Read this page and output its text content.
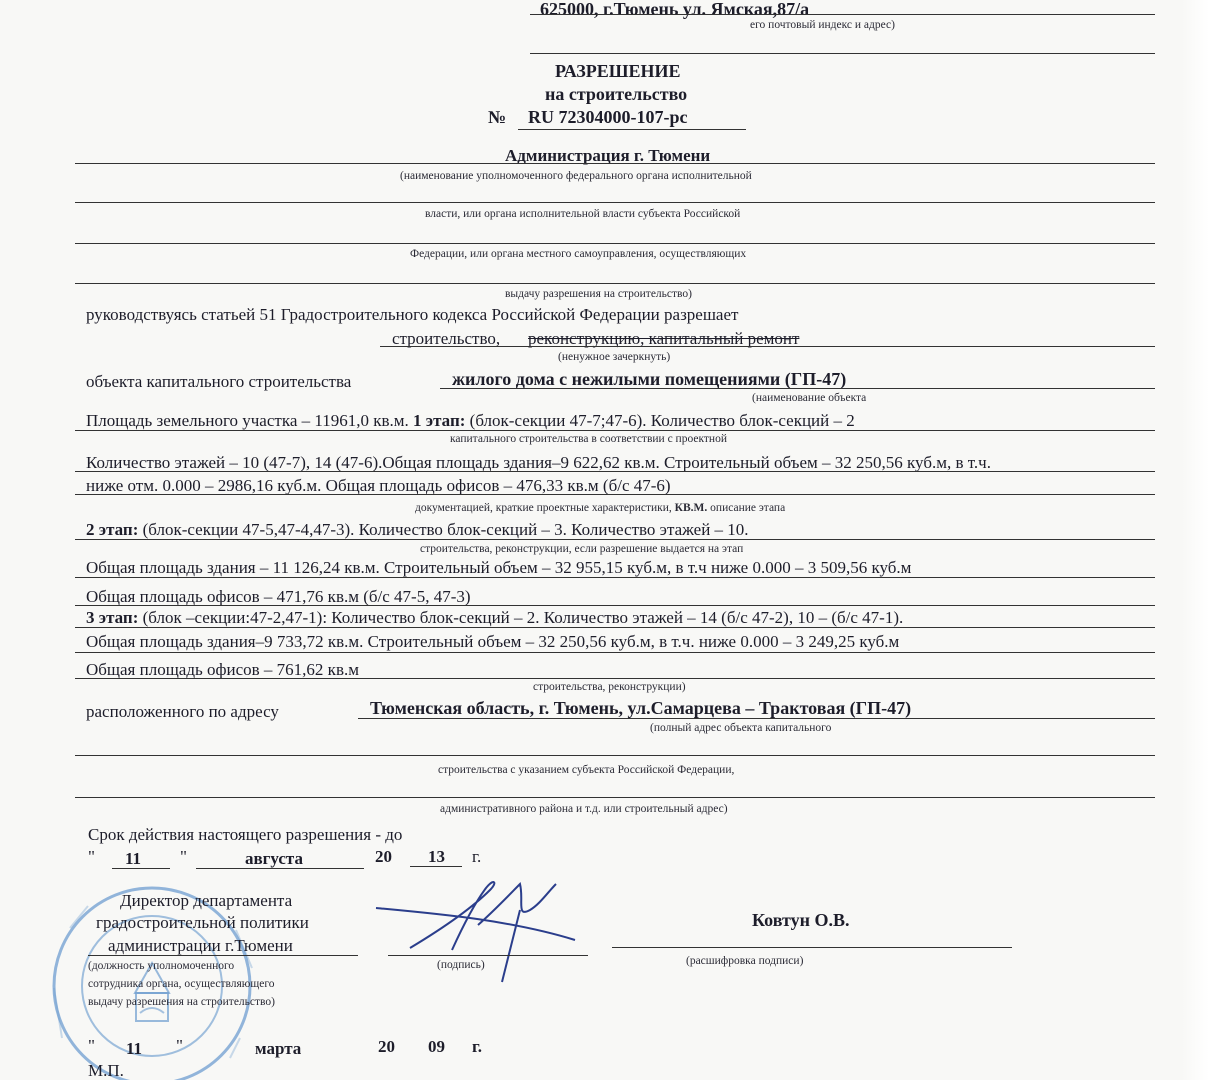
625000, г.Тюмень ул. Ямская,87/а
его почтовый индекс и адрес)
РАЗРЕШЕНИЕ
на строительство
№ RU 72304000-107-рс
Администрация г. Тюмени
(наименование уполномоченного федерального органа исполнительной
власти, или органа исполнительной власти субъекта Российской
Федерации, или органа местного самоуправления, осуществляющих
выдачу разрешения на строительство)
руководствуясь статьей 51 Градостроительного кодекса Российской Федерации разрешает
строительство, реконструкцию, капитальный ремонт
(ненужное зачеркнуть)
объекта капитального строительства	жилого дома с нежилыми помещениями (ГП-47)
(наименование объекта
Площадь земельного участка – 11961,0 кв.м. 1 этап: (блок-секции 47-7;47-6). Количество блок-секций – 2
капитального строительства в соответствии с проектной
Количество этажей – 10 (47-7), 14 (47-6).Общая площадь здания–9 622,62 кв.м. Строительный объем – 32 250,56 куб.м, в т.ч.
ниже отм. 0.000 – 2986,16 куб.м. Общая площадь офисов – 476,33 кв.м (б/с 47-6)
документацией, краткие проектные характеристики, КВ.М. описание этапа
2 этап: (блок-секции 47-5,47-4,47-3). Количество блок-секций – 3. Количество этажей – 10.
строительства, реконструкции, если разрешение выдается на этап
Общая площадь здания – 11 126,24 кв.м. Строительный объем – 32 955,15 куб.м, в т.ч ниже 0.000 – 3 509,56 куб.м
Общая площадь офисов – 471,76 кв.м (б/с 47-5, 47-3)
3 этап: (блок –секции:47-2,47-1): Количество блок-секций – 2. Количество этажей – 14 (б/с 47-2), 10 – (б/с 47-1).
Общая площадь здания–9 733,72 кв.м. Строительный объем – 32 250,56 куб.м, в т.ч. ниже 0.000 – 3 249,25 куб.м
Общая площадь офисов – 761,62 кв.м
строительства, реконструкции)
расположенного по адресу	Тюменская область, г. Тюмень, ул.Самарцева – Трактовая (ГП-47)
(полный адрес объекта капитального
строительства с указанием субъекта Российской Федерации,
административного района и т.д. или строительный адрес)
Срок действия настоящего разрешения - до
" 11 "	августа	20 13 г.
Директор департамента
градостроительной политики
администрации г.Тюмени
(должность уполномоченного
сотрудника органа, осуществляющего
выдачу разрешения на строительство)
(подпись)
Ковтун О.В.
(расшифровка подписи)
" 11 "	марта	20 09 г.
М.П.
